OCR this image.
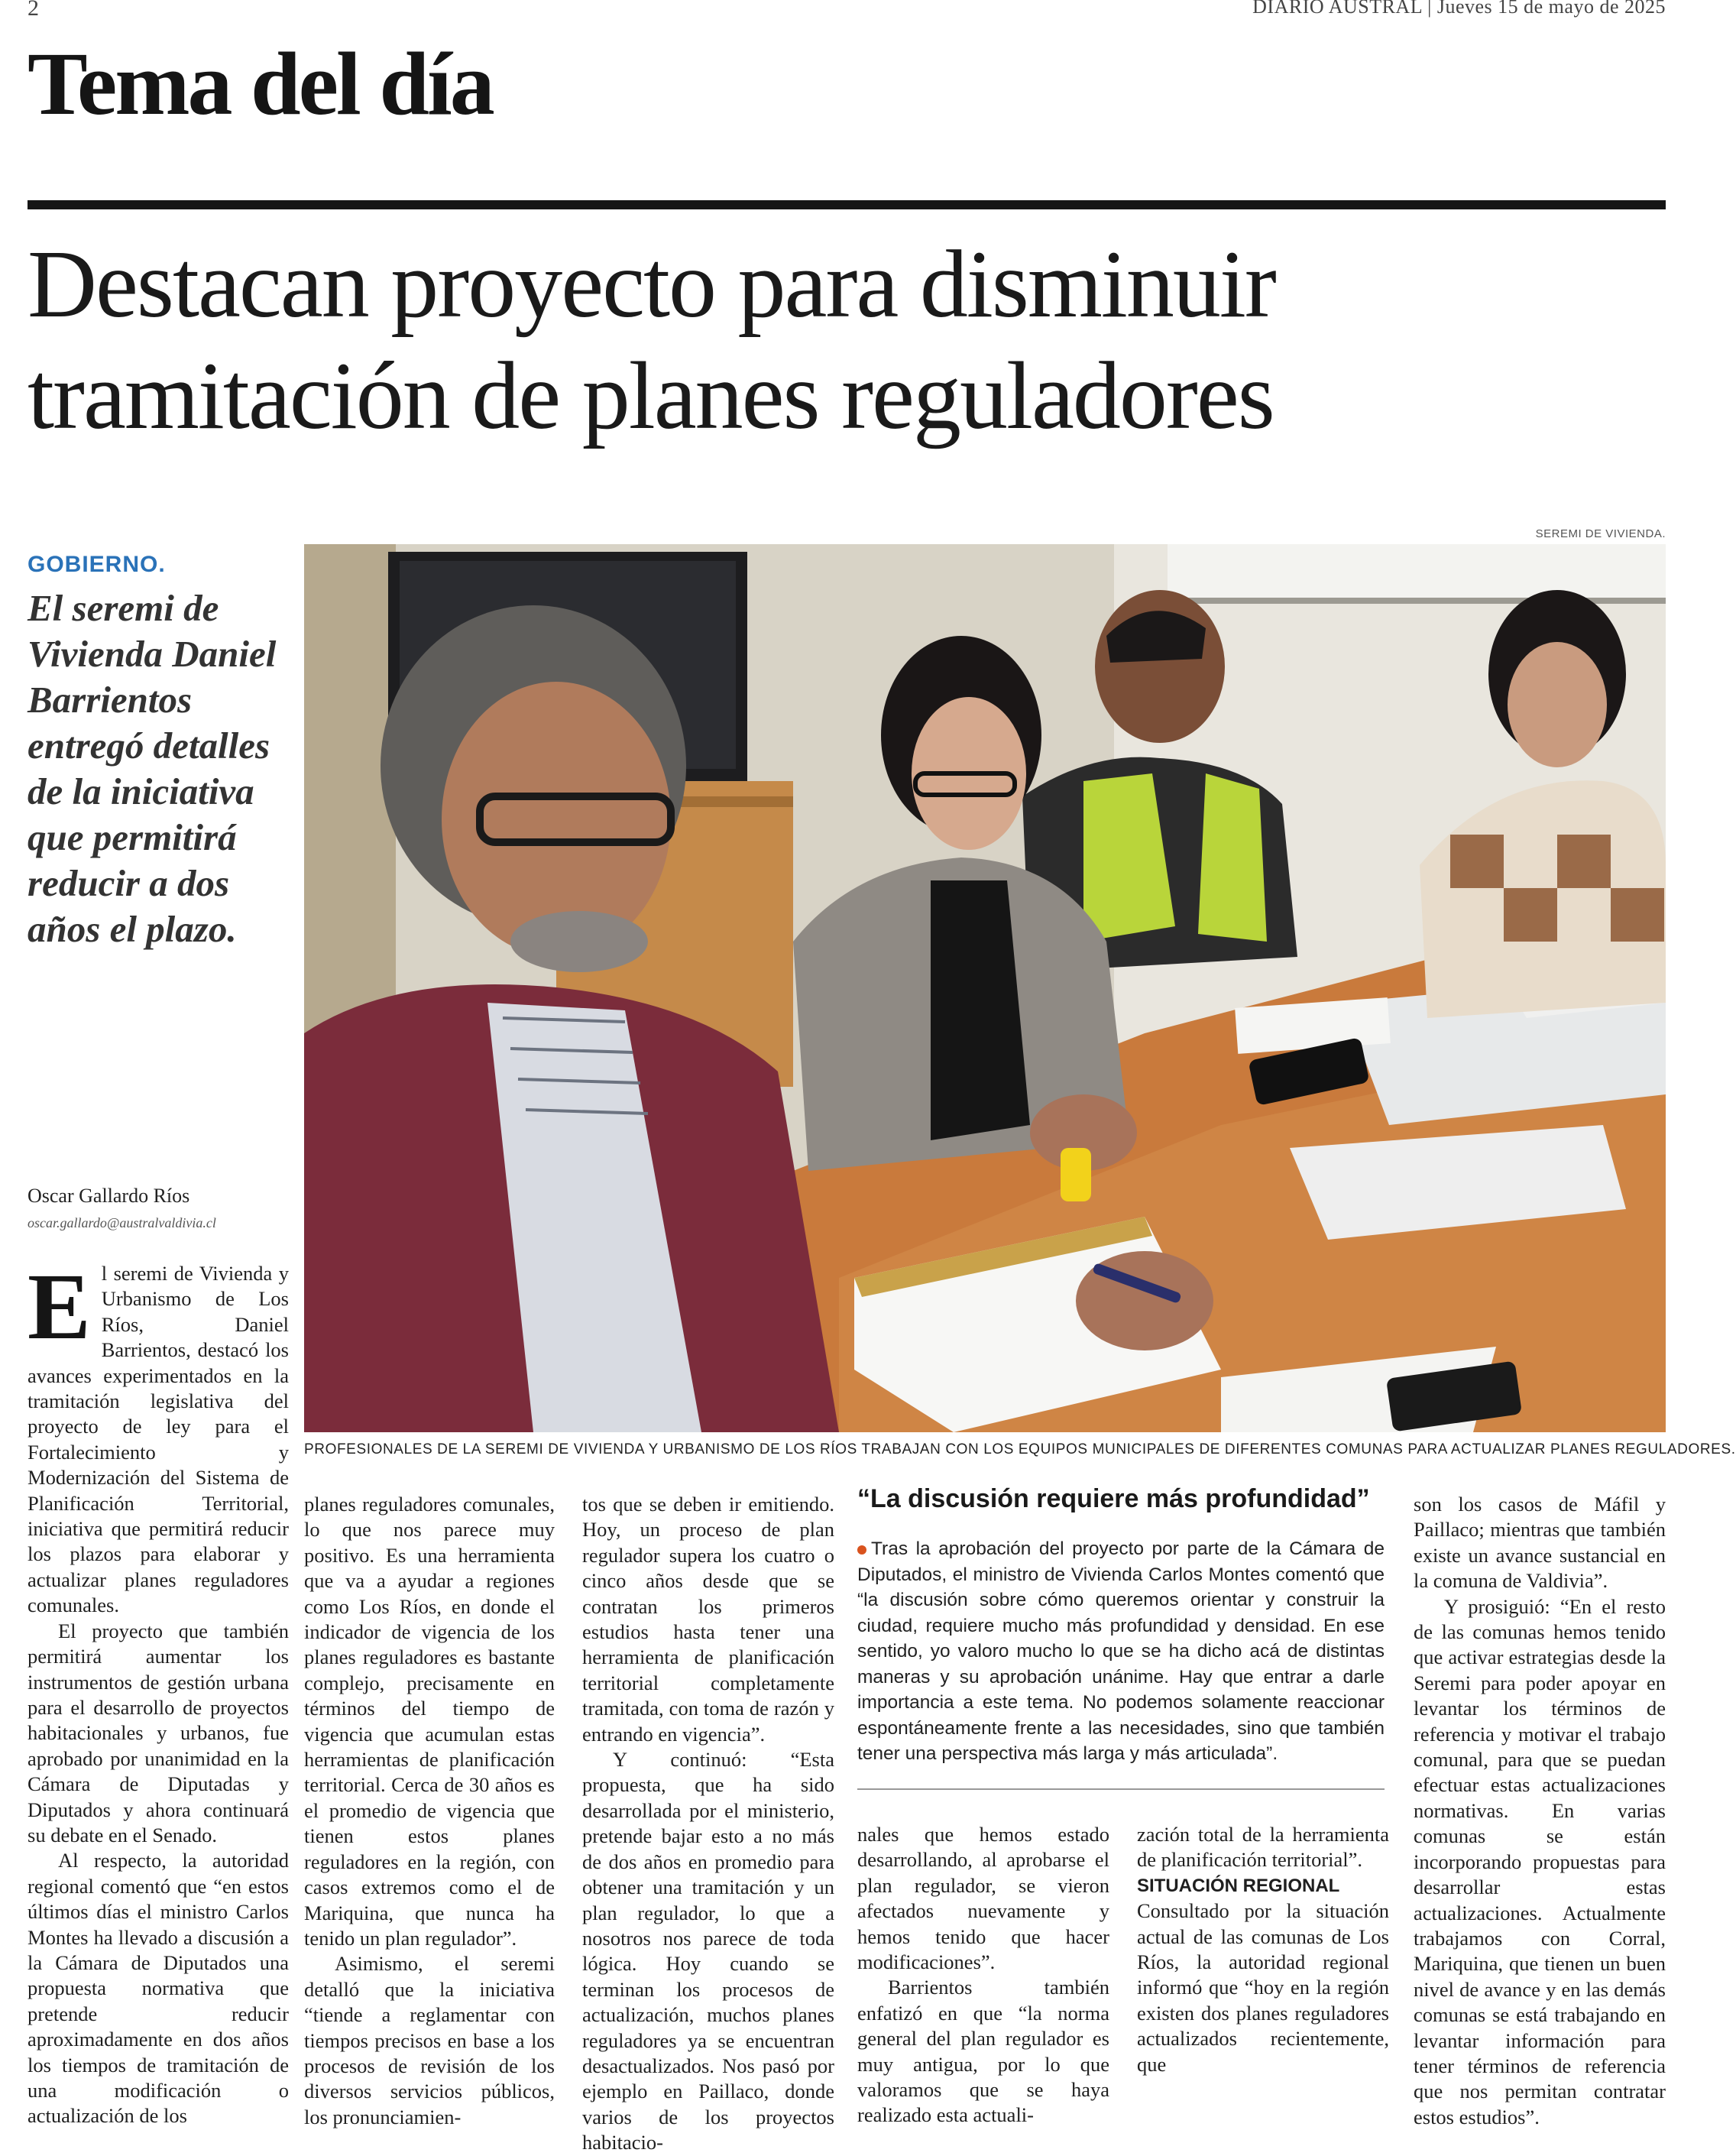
2	DIARIO AUSTRAL | Jueves 15 de mayo de 2025
Tema del día
Destacan proyecto para disminuir
tramitación de planes reguladores
GOBIERNO.
El seremi de Vivienda Daniel Barrientos entregó detalles de la iniciativa que permitirá reducir a dos años el plazo.
Oscar Gallardo Ríos
oscar.gallardo@australvaldivia.cl
SEREMI DE VIVIENDA.
PROFESIONALES DE LA SEREMI DE VIVIENDA Y URBANISMO DE LOS RÍOS TRABAJAN CON LOS EQUIPOS MUNICIPALES DE DIFERENTES COMUNAS PARA ACTUALIZAR PLANES REGULADORES.

El seremi de Vivienda y Urbanismo de Los Ríos, Daniel Barrientos, destacó los avances experimentados en la tramitación legislativa del proyecto de ley para el Fortalecimiento y Modernización del Sistema de Planificación Territorial, iniciativa que permitirá reducir los plazos para elaborar y actualizar planes reguladores comunales.

El proyecto que también permitirá aumentar los instrumentos de gestión urbana para el desarrollo de proyectos habitacionales y urbanos, fue aprobado por unanimidad en la Cámara de Diputadas y Diputados y ahora continuará su debate en el Senado.

Al respecto, la autoridad regional comentó que “en estos últimos días el ministro Carlos Montes ha llevado a discusión a la Cámara de Diputados una propuesta normativa que pretende reducir aproximadamente en dos años los tiempos de tramitación de una modificación o actualización de los

planes reguladores comunales, lo que nos parece muy positivo. Es una herramienta que va a ayudar a regiones como Los Ríos, en donde el indicador de vigencia de los planes reguladores es bastante complejo, precisamente en términos del tiempo de vigencia que acumulan estas herramientas de planificación territorial. Cerca de 30 años es el promedio de vigencia que tienen estos planes reguladores en la región, con casos extremos como el de Mariquina, que nunca ha tenido un plan regulador”.

Asimismo, el seremi detalló que la iniciativa “tiende a reglamentar con tiempos precisos en base a los procesos de revisión de los diversos servicios públicos, los pronunciamien-

tos que se deben ir emitiendo. Hoy, un proceso de plan regulador supera los cuatro o cinco años desde que se contratan los primeros estudios hasta tener una herramienta de planificación territorial completamente tramitada, con toma de razón y entrando en vigencia”.

Y continuó: “Esta propuesta, que ha sido desarrollada por el ministerio, pretende bajar esto a no más de dos años en promedio para obtener una tramitación y un plan regulador, lo que a nosotros nos parece de toda lógica. Hoy cuando se terminan los procesos de actualización, muchos planes reguladores ya se encuentran desactualizados. Nos pasó por ejemplo en Paillaco, donde varios de los proyectos habitacio-

“La discusión requiere más profundidad”
Tras la aprobación del proyecto por parte de la Cámara de Diputados, el ministro de Vivienda Carlos Montes comentó que “la discusión sobre cómo queremos orientar y construir la ciudad, requiere mucho más profundidad y densidad. En ese sentido, yo valoro mucho lo que se ha dicho acá de distintas maneras y su aprobación unánime. Hay que entrar a darle importancia a este tema. No podemos solamente reaccionar espontáneamente frente a las necesidades, sino que también tener una perspectiva más larga y más articulada”.

nales que hemos estado desarrollando, al aprobarse el plan regulador, se vieron afectados nuevamente y hemos tenido que hacer modificaciones”.

Barrientos también enfatizó en que “la norma general del plan regulador es muy antigua, por lo que valoramos que se haya realizado esta actuali-

zación total de la herramienta de planificación territorial”.

SITUACIÓN REGIONAL

Consultado por la situación actual de las comunas de Los Ríos, la autoridad regional informó que “hoy en la región existen dos planes reguladores actualizados recientemente, que

son los casos de Máfil y Paillaco; mientras que también existe un avance sustancial en la comuna de Valdivia”.

Y prosiguió: “En el resto de las comunas hemos tenido que activar estrategias desde la Seremi para poder apoyar en levantar los términos de referencia y motivar el trabajo comunal, para que se puedan efectuar estas actualizaciones normativas. En varias comunas se están incorporando propuestas para desarrollar estas actualizaciones. Actualmente trabajamos con Corral, Mariquina, que tienen un buen nivel de avance y en las demás comunas se está trabajando en levantar información para tener términos de referencia que nos permitan contratar estos estudios”.
